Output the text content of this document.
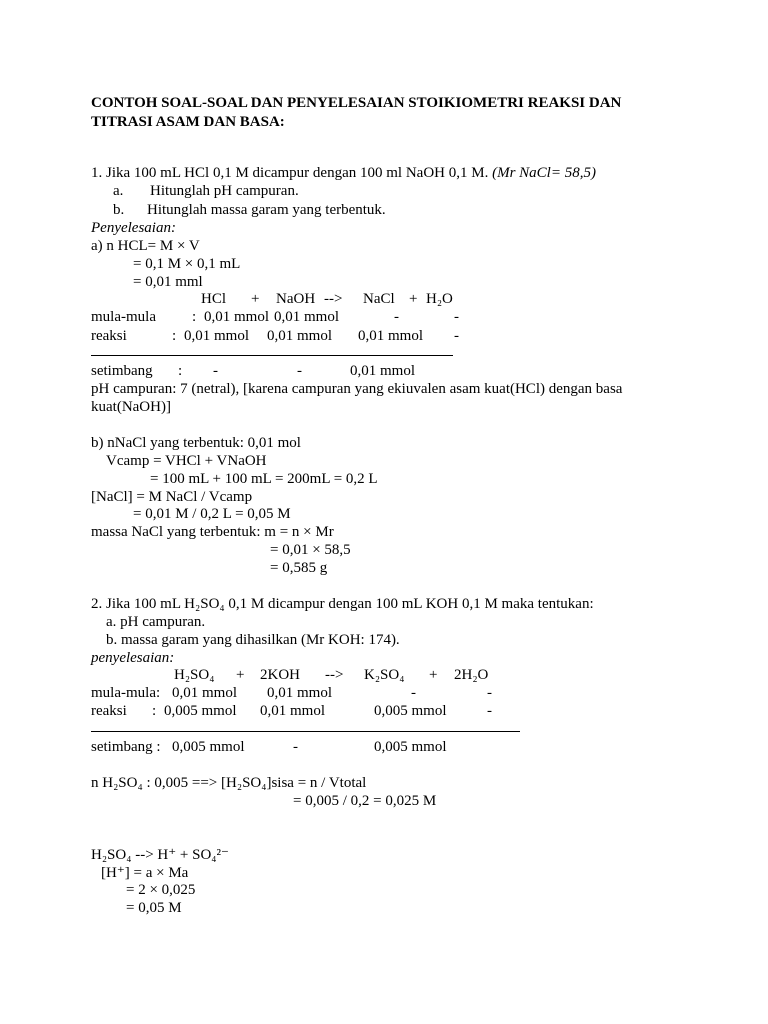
CONTOH SOAL-SOAL DAN PENYELESAIAN STOIKIOMETRI REAKSI DAN
TITRASI ASAM DAN BASA:
1. Jika 100 mL HCl 0,1 M dicampur dengan 100 ml NaOH 0,1 M. (Mr NaCl= 58,5)
a. Hitunglah pH campuran.
b. Hitunglah massa garam yang terbentuk.
Penyelesaian:
a) n HCL= M × V
= 0,1 M × 0,1 mL
= 0,01 mml
HCl + NaOH --> NaCl + H₂O
mula-mula : 0,01 mmol 0,01 mmol	-	-
reaksi	: 0,01 mmol 0,01 mmol 0,01 mmol -
setimbang : -	-	0,01 mmol
pH campuran: 7 (netral), [karena campuran yang ekiuvalen asam kuat(HCl) dengan basa
kuat(NaOH)]
b) nNaCl yang terbentuk: 0,01 mol
Vcamp = VHCl + VNaOH
= 100 mL + 100 mL = 200mL = 0,2 L
[NaCl] = M NaCl / Vcamp
= 0,01 M / 0,2 L = 0,05 M
massa NaCl yang terbentuk: m = n × Mr
= 0,01 × 58,5
= 0,585 g
2. Jika 100 mL H₂SO₄ 0,1 M dicampur dengan 100 mL KOH 0,1 M maka tentukan:
a. pH campuran.
b. massa garam yang dihasilkan (Mr KOH: 174).
penyelesaian:
H₂SO₄ + 2KOH --> K₂SO₄ + 2H₂O
mula-mula: 0,01 mmol 0,01 mmol	-	-
reaksi : 0,005 mmol 0,01 mmol	0,005 mmol	-
setimbang : 0,005 mmol	-	0,005 mmol
n H₂SO₄ : 0,005 ==> [H₂SO₄]sisa = n / Vtotal
= 0,005 / 0,2 = 0,025 M
H₂SO₄ --> H⁺ + SO₄²⁻
[H⁺] = a × Ma
= 2 × 0,025
= 0,05 M
